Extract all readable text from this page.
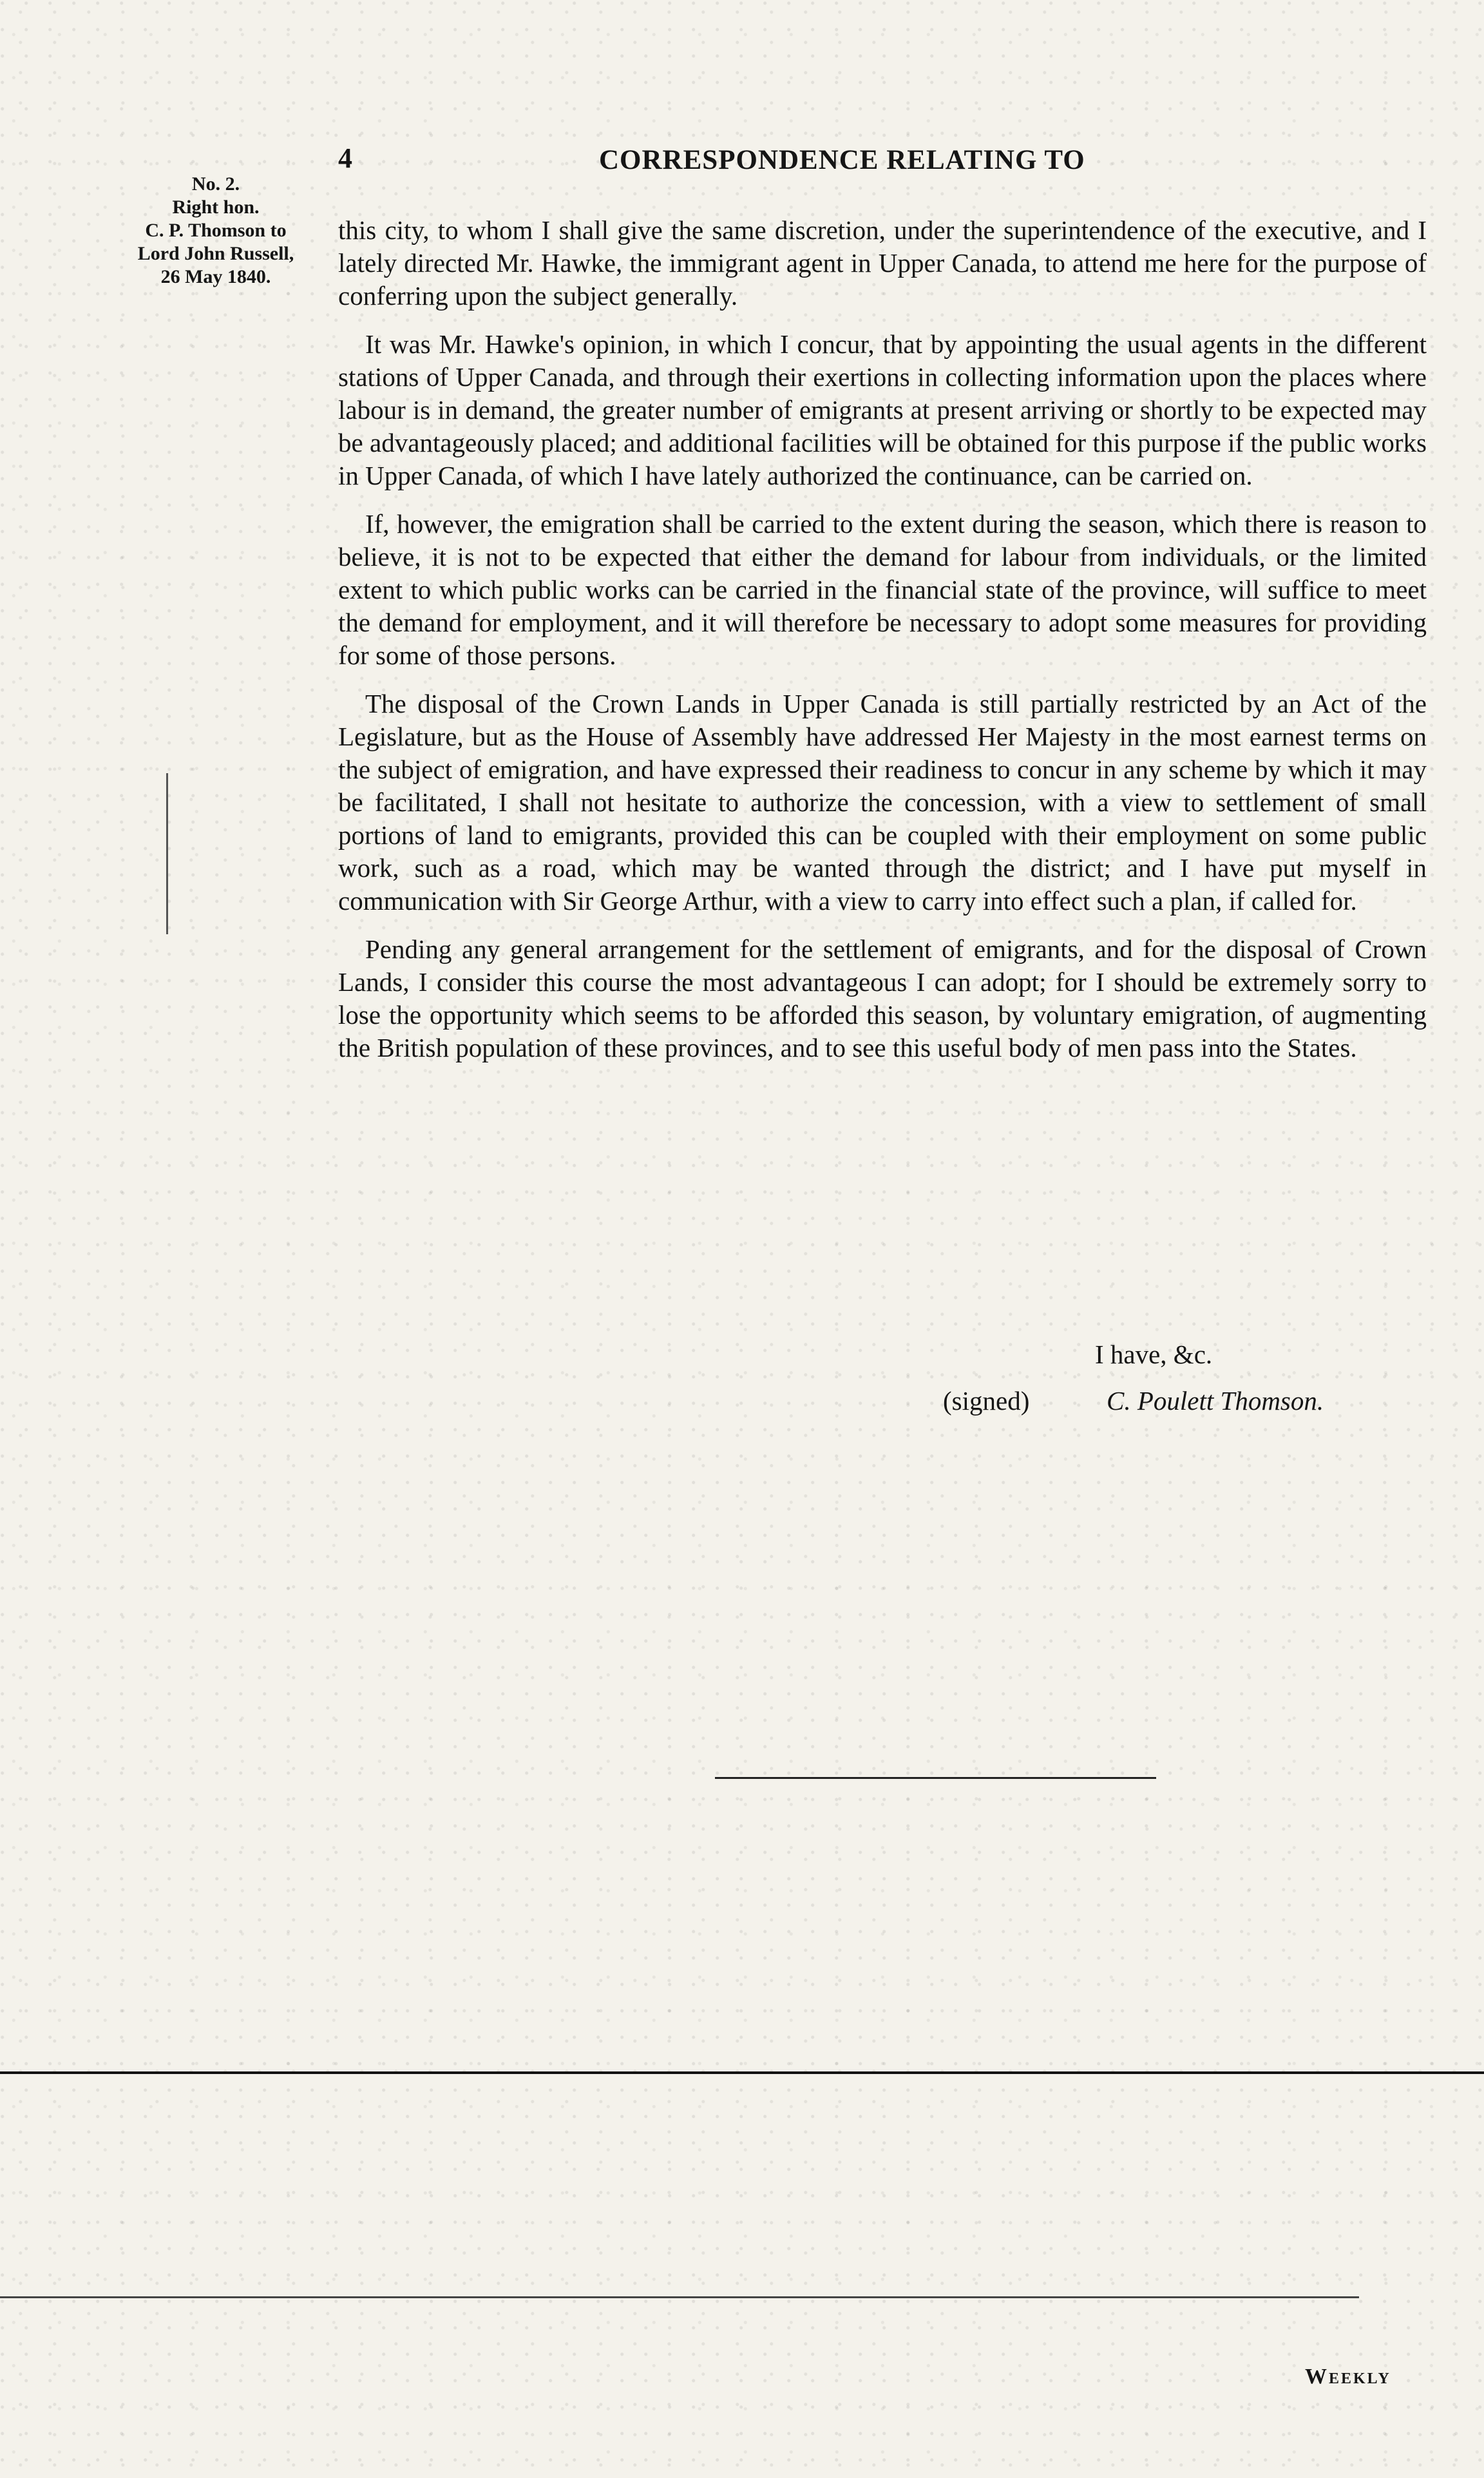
No. 2.
Right hon.
C. P. Thomson to
Lord John Russell,
26 May 1840.
4	CORRESPONDENCE RELATING TO

this city, to whom I shall give the same discretion, under the superintendence of the executive, and I lately directed Mr. Hawke, the immigrant agent in Upper Canada, to attend me here for the purpose of conferring upon the subject generally.

It was Mr. Hawke's opinion, in which I concur, that by appointing the usual agents in the different stations of Upper Canada, and through their exertions in collecting information upon the places where labour is in demand, the greater number of emigrants at present arriving or shortly to be expected may be advantageously placed; and additional facilities will be obtained for this purpose if the public works in Upper Canada, of which I have lately authorized the continuance, can be carried on.

If, however, the emigration shall be carried to the extent during the season, which there is reason to believe, it is not to be expected that either the demand for labour from individuals, or the limited extent to which public works can be carried in the financial state of the province, will suffice to meet the demand for employment, and it will therefore be necessary to adopt some measures for providing for some of those persons.

The disposal of the Crown Lands in Upper Canada is still partially restricted by an Act of the Legislature, but as the House of Assembly have addressed Her Majesty in the most earnest terms on the subject of emigration, and have expressed their readiness to concur in any scheme by which it may be facilitated, I shall not hesitate to authorize the concession, with a view to settlement of small portions of land to emigrants, provided this can be coupled with their employment on some public work, such as a road, which may be wanted through the district; and I have put myself in communication with Sir George Arthur, with a view to carry into effect such a plan, if called for.

Pending any general arrangement for the settlement of emigrants, and for the disposal of Crown Lands, I consider this course the most advantageous I can adopt; for I should be extremely sorry to lose the opportunity which seems to be afforded this season, by voluntary emigration, of augmenting the British population of these provinces, and to see this useful body of men pass into the States.

I have, &c.
(signed)	C. Poulett Thomson.
Weekly
